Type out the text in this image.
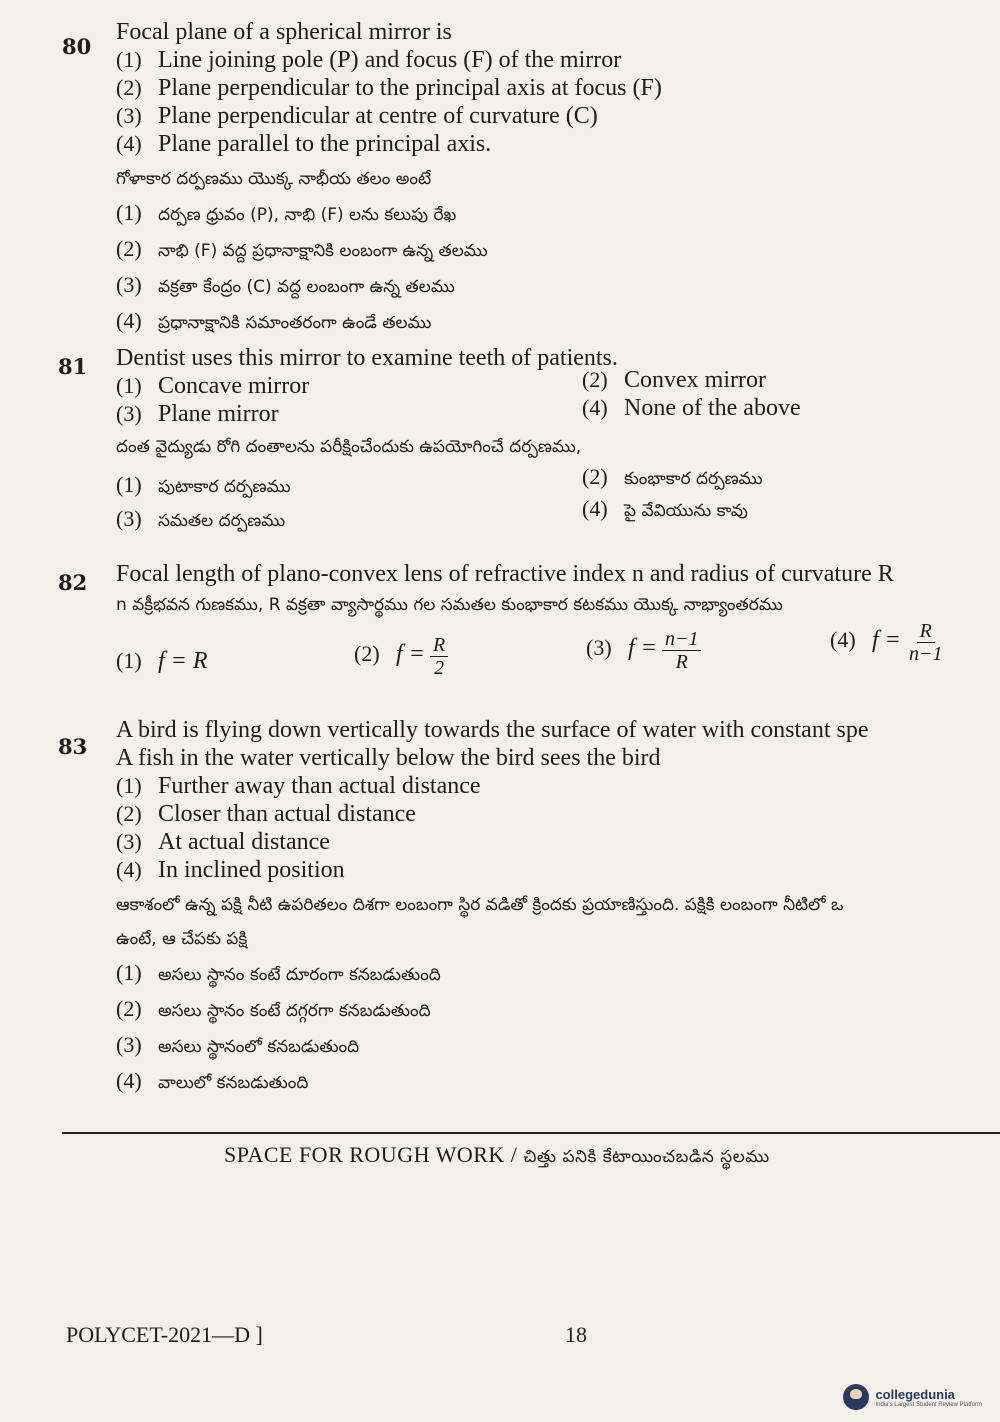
80
Focal plane of a spherical mirror is
(1) Line joining pole (P) and focus (F) of the mirror
(2) Plane perpendicular to the principal axis at focus (F)
(3) Plane perpendicular at centre of curvature (C)
(4) Plane parallel to the principal axis.
గోళాకార దర్పణము యొక్క నాభీయ తలం అంటే
(1) దర్పణ ధ్రువం (P), నాభి (F) లను కలుపు రేఖ
(2) నాభి (F) వద్ద ప్రధానాక్షానికి లంబంగా ఉన్న తలము
(3) వక్రతా కేంద్రం (C) వద్ద లంబంగా ఉన్న తలము
(4) ప్రధానాక్షానికి సమాంతరంగా ఉండే తలము
81 Dentist uses this mirror to examine teeth of patients.
(1) Concave mirror	(2) Convex mirror
(3) Plane mirror	(4) None of the above
దంత వైద్యుడు రోగి దంతాలను పరీక్షించేందుకు ఉపయోగించే దర్పణము,
(1) పుటాకార దర్పణము	(2) కుంభాకార దర్పణము
(3) సమతల దర్పణము	(4) పై వేవియును కావు
82 Focal length of plano-convex lens of refractive index n and radius of curvature R
n వక్రీభవన గుణకము, R వక్రతా వ్యాసార్థము గల సమతల కుంభాకార కటకము యొక్క నాభ్యాంతరము
(1) f = R	(2) $f = \frac{R}{2}$	(3) $f = \frac{n-1}{R}$	(4) $f = \frac{R}{n-1}$
83
A bird is flying down vertically towards the surface of water with constant spe
A fish in the water vertically below the bird sees the bird
(1) Further away than actual distance
(2) Closer than actual distance
(3) At actual distance
(4) In inclined position
ఆకాశంలో ఉన్న పక్షి నీటి ఉపరితలం దిశగా లంబంగా స్థిర వడితో క్రిందకు ప్రయాణిస్తుంది. పక్షికి లంబంగా నీటిలో ఒ
ఉంటే, ఆ చేపకు పక్షి
(1) అసలు స్థానం కంటే దూరంగా కనబడుతుంది
(2) అసలు స్థానం కంటే దగ్గరగా కనబడుతుంది
(3) అసలు స్థానంలో కనబడుతుంది
(4) వాలులో కనబడుతుంది
SPACE FOR ROUGH WORK / చిత్తు పనికి కేటాయించబడిన స్థలము
POLYCET-2021—D ]	18
collegedunia
India's Largest Student Review Platform
